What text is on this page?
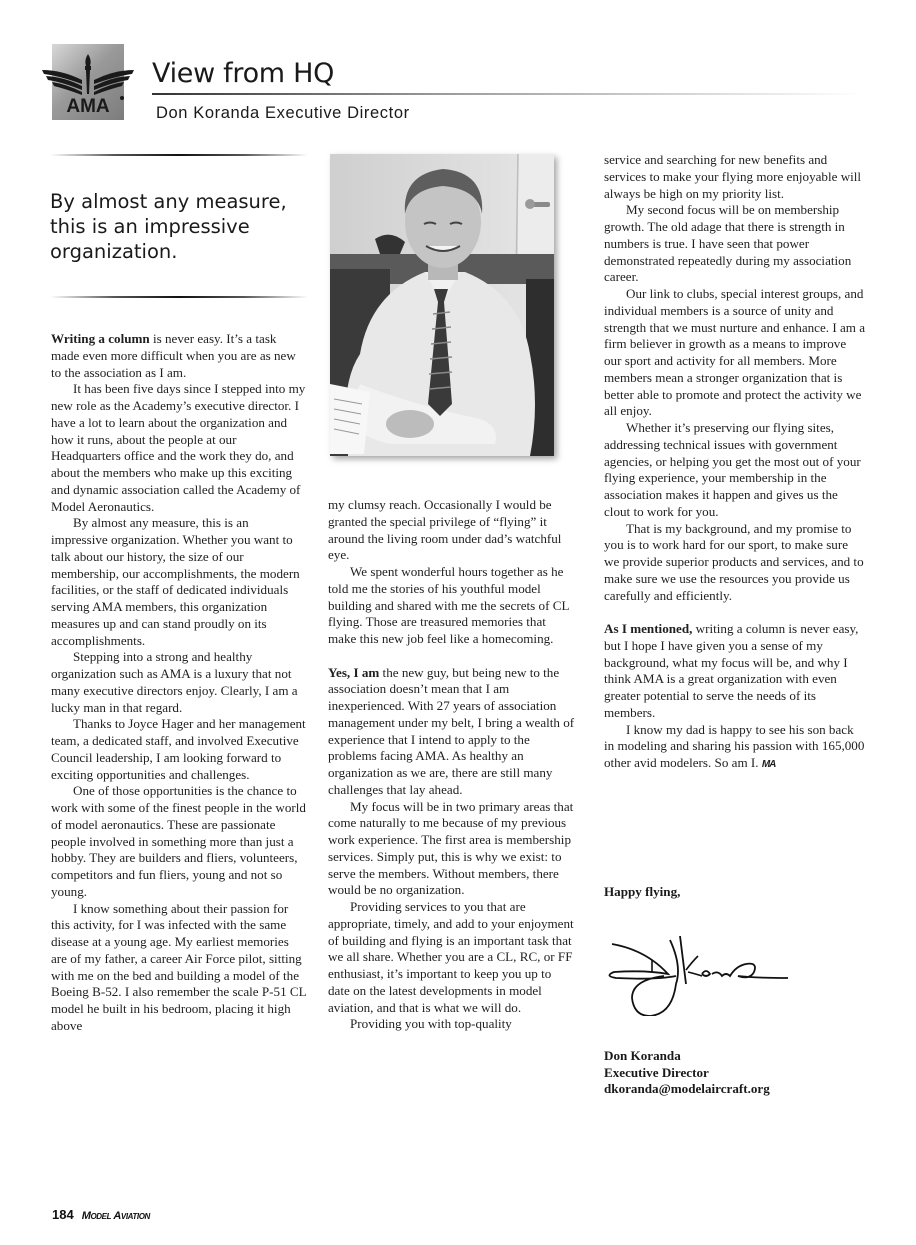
AMA
View from HQ
Don Koranda Executive Director
By almost any measure, this is an impressive organization.

Writing a column is never easy. It’s a task made even more difficult when you are as new to the association as I am.

It has been five days since I stepped into my new role as the Academy’s executive director. I have a lot to learn about the organization and how it runs, about the people at our Headquarters office and the work they do, and about the members who make up this exciting and dynamic association called the Academy of Model Aeronautics.

By almost any measure, this is an impressive organization. Whether you want to talk about our history, the size of our membership, our accomplishments, the modern facilities, or the staff of dedicated individuals serving AMA members, this organization measures up and can stand proudly on its accomplishments.

Stepping into a strong and healthy organization such as AMA is a luxury that not many executive directors enjoy. Clearly, I am a lucky man in that regard.

Thanks to Joyce Hager and her management team, a dedicated staff, and involved Executive Council leadership, I am looking forward to exciting opportunities and challenges.

One of those opportunities is the chance to work with some of the finest people in the world of model aeronautics. These are passionate people involved in something more than just a hobby. They are builders and fliers, volunteers, competitors and fun fliers, young and not so young.

I know something about their passion for this activity, for I was infected with the same disease at a young age. My earliest memories are of my father, a career Air Force pilot, sitting with me on the bed and building a model of the Boeing B-52. I also remember the scale P-51 CL model he built in his bedroom, placing it high above

my clumsy reach. Occasionally I would be granted the special privilege of “flying” it around the living room under dad’s watchful eye.

We spent wonderful hours together as he told me the stories of his youthful model building and shared with me the secrets of CL flying. Those are treasured memories that make this new job feel like a homecoming.

Yes, I am the new guy, but being new to the association doesn’t mean that I am inexperienced. With 27 years of association management under my belt, I bring a wealth of experience that I intend to apply to the problems facing AMA. As healthy an organization as we are, there are still many challenges that lay ahead.

My focus will be in two primary areas that come naturally to me because of my previous work experience. The first area is membership services. Simply put, this is why we exist: to serve the members. Without members, there would be no organization.

Providing services to you that are appropriate, timely, and add to your enjoyment of building and flying is an important task that we all share. Whether you are a CL, RC, or FF enthusiast, it’s important to keep you up to date on the latest developments in model aviation, and that is what we will do.

Providing you with top-quality

service and searching for new benefits and services to make your flying more enjoyable will always be high on my priority list.

My second focus will be on membership growth. The old adage that there is strength in numbers is true. I have seen that power demonstrated repeatedly during my association career.

Our link to clubs, special interest groups, and individual members is a source of unity and strength that we must nurture and enhance. I am a firm believer in growth as a means to improve our sport and activity for all members. More members mean a stronger organization that is better able to promote and protect the activity we all enjoy.

Whether it’s preserving our flying sites, addressing technical issues with government agencies, or helping you get the most out of your flying experience, your membership in the association makes it happen and gives us the clout to work for you.

That is my background, and my promise to you is to work hard for our sport, to make sure we provide superior products and services, and to make sure we use the resources you provide us carefully and efficiently.

As I mentioned, writing a column is never easy, but I hope I have given you a sense of my background, what my focus will be, and why I think AMA is a great organization with even greater potential to serve the needs of its members.

I know my dad is happy to see his son back in modeling and sharing his passion with 165,000 other avid modelers. So am I. MA

Happy flying,
Don Koranda
Executive Director
dkoranda@modelaircraft.org
184 Model Aviation
